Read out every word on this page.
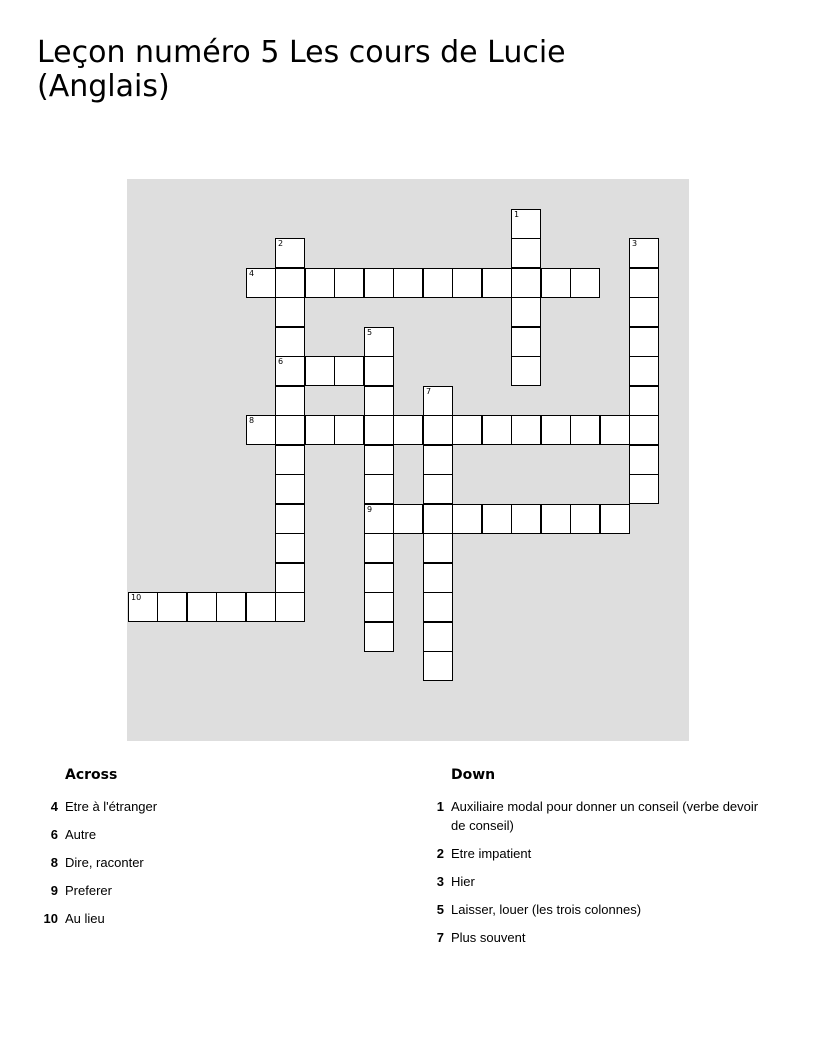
Leçon numéro 5 Les cours de Lucie (Anglais)
1
2	3
4
5
6
7
8
9
10
Across
4 Etre à l'étranger
6 Autre
8 Dire, raconter
9 Preferer
10 Au lieu
Down
1 Auxiliaire modal pour donner un conseil (verbe devoir de conseil)
2 Etre impatient
3 Hier
5 Laisser, louer (les trois colonnes)
7 Plus souvent
